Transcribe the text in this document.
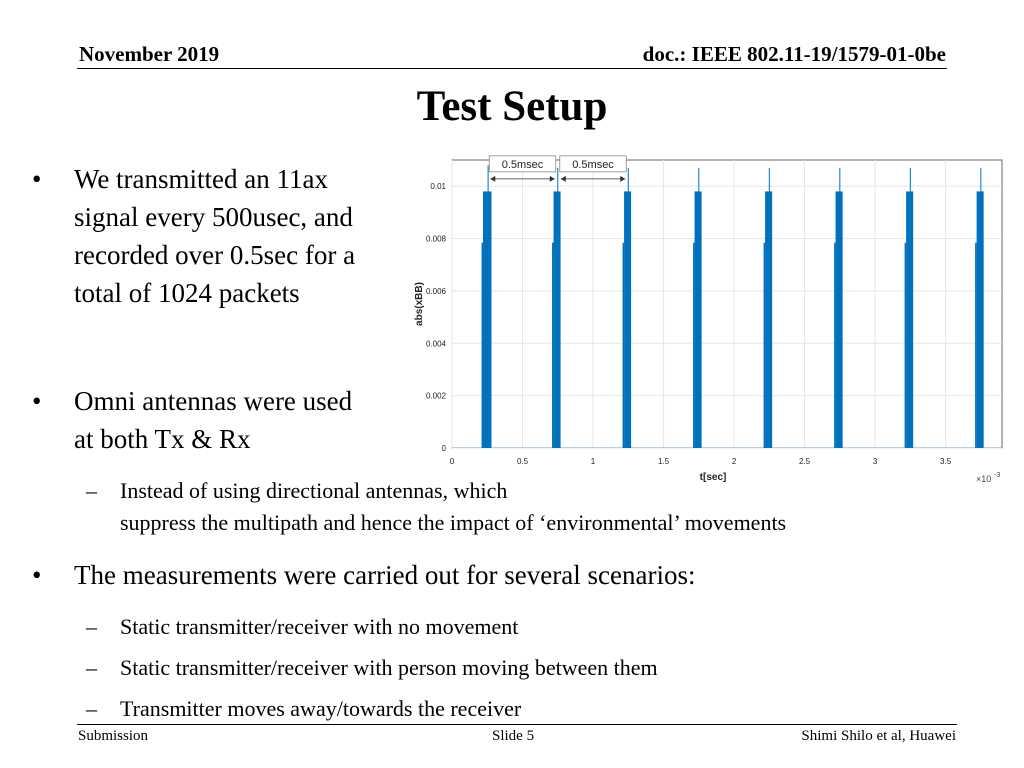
November 2019	doc.: IEEE 802.11-19/1579-01-0be
Test Setup
• We transmitted an 11ax
signal every 500usec, and
recorded over 0.5sec for a
total of 1024 packets
• Omni antennas were used
at both Tx & Rx
– Instead of using directional antennas, which
suppress the multipath and hence the impact of ‘environmental’ movements
• The measurements were carried out for several scenarios:
– Static transmitter/receiver with no movement
– Static transmitter/receiver with person moving between them
– Transmitter moves away/towards the receiver
0	0.5	1	1.5	2	2.5	3	3.5
0
0.002
0.004
0.006
0.008
0.01
t[sec]
abs(xBB)
×10 -3
0.5msec	0.5msec
Submission	Slide 5	Shimi Shilo et al, Huawei
